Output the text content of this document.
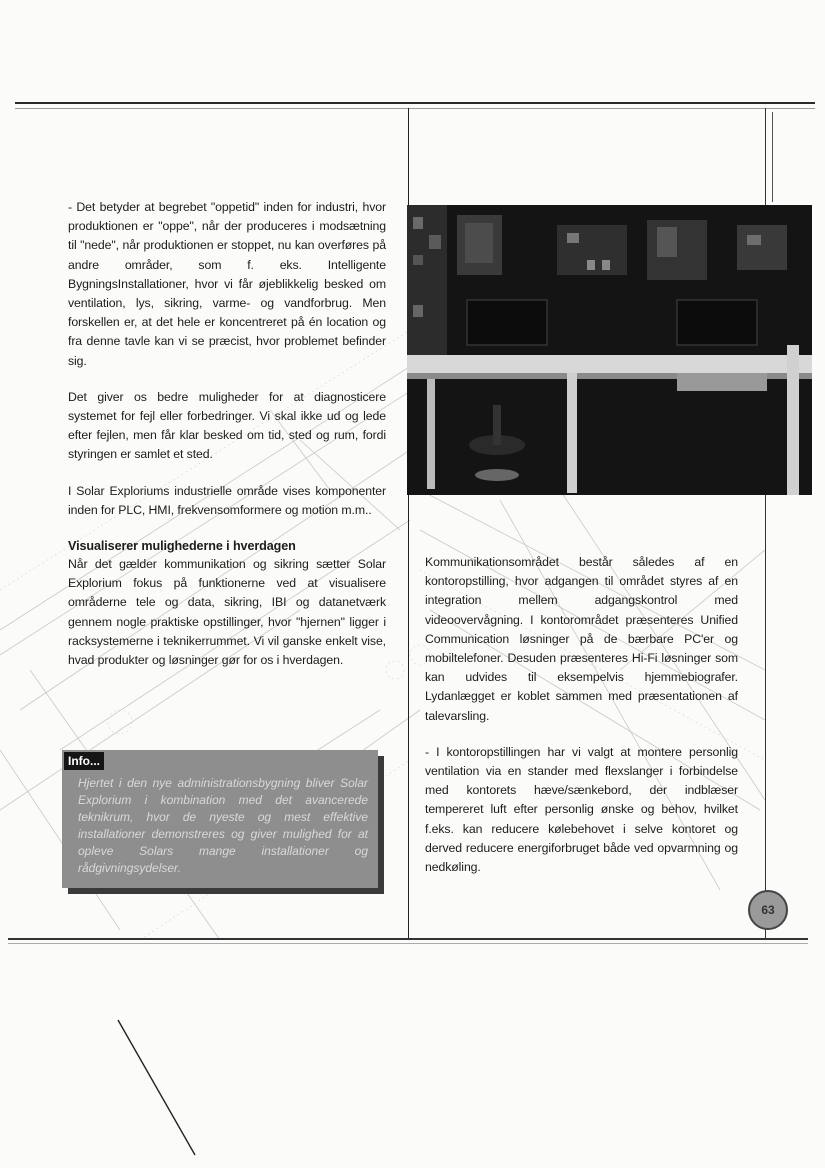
- Det betyder at begrebet "oppetid" inden for industri, hvor produktionen er "oppe", når der produceres i modsætning til "nede", når produktionen er stoppet, nu kan overføres på andre områder, som f. eks. Intelligente BygningsInstallationer, hvor vi får øjeblikkelig besked om ventilation, lys, sikring, varme- og vandforbrug. Men forskellen er, at det hele er koncentreret på én location og fra denne tavle kan vi se præcist, hvor problemet befinder sig.

Det giver os bedre muligheder for at diagnosticere systemet for fejl eller forbedringer. Vi skal ikke ud og lede efter fejlen, men får klar besked om tid, sted og rum, fordi styringen er samlet et sted.

I Solar Exploriums industrielle område vises komponenter inden for PLC, HMI, frekvensomformere og motion m.m..

Visualiserer mulighederne i hverdagen

Når det gælder kommunikation og sikring sætter Solar Explorium fokus på funktionerne ved at visualisere områderne tele og data, sikring, IBI og datanetværk gennem nogle praktiske opstillinger, hvor "hjernen" ligger i racksystemerne i teknikerrummet. Vi vil ganske enkelt vise, hvad produkter og løsninger gør for os i hverdagen.

Info...
Hjertet i den nye administrationsbygning bliver Solar Explorium i kombination med det avancerede teknikrum, hvor de nyeste og mest effektive installationer demonstreres og giver mulighed for at opleve Solars mange installationer og rådgivningsydelser.

Kommunikationsområdet består således af en kontoropstilling, hvor adgangen til området styres af en integration mellem adgangskontrol med videoovervågning. I kontorområdet præsenteres Unified Communication løsninger på de bærbare PC'er og mobiltelefoner. Desuden præsenteres Hi-Fi løsninger som kan udvides til eksempelvis hjemmebiografer. Lydanlægget er koblet sammen med præsentationen af talevarsling.

- I kontoropstillingen har vi valgt at montere personlig ventilation via en stander med flexslanger i forbindelse med kontorets hæve/sænkebord, der indblæser tempereret luft efter personlig ønske og behov, hvilket f.eks. kan reducere kølebehovet i selve kontoret og derved reducere energiforbruget både ved opvarmning og nedkøling.

63
